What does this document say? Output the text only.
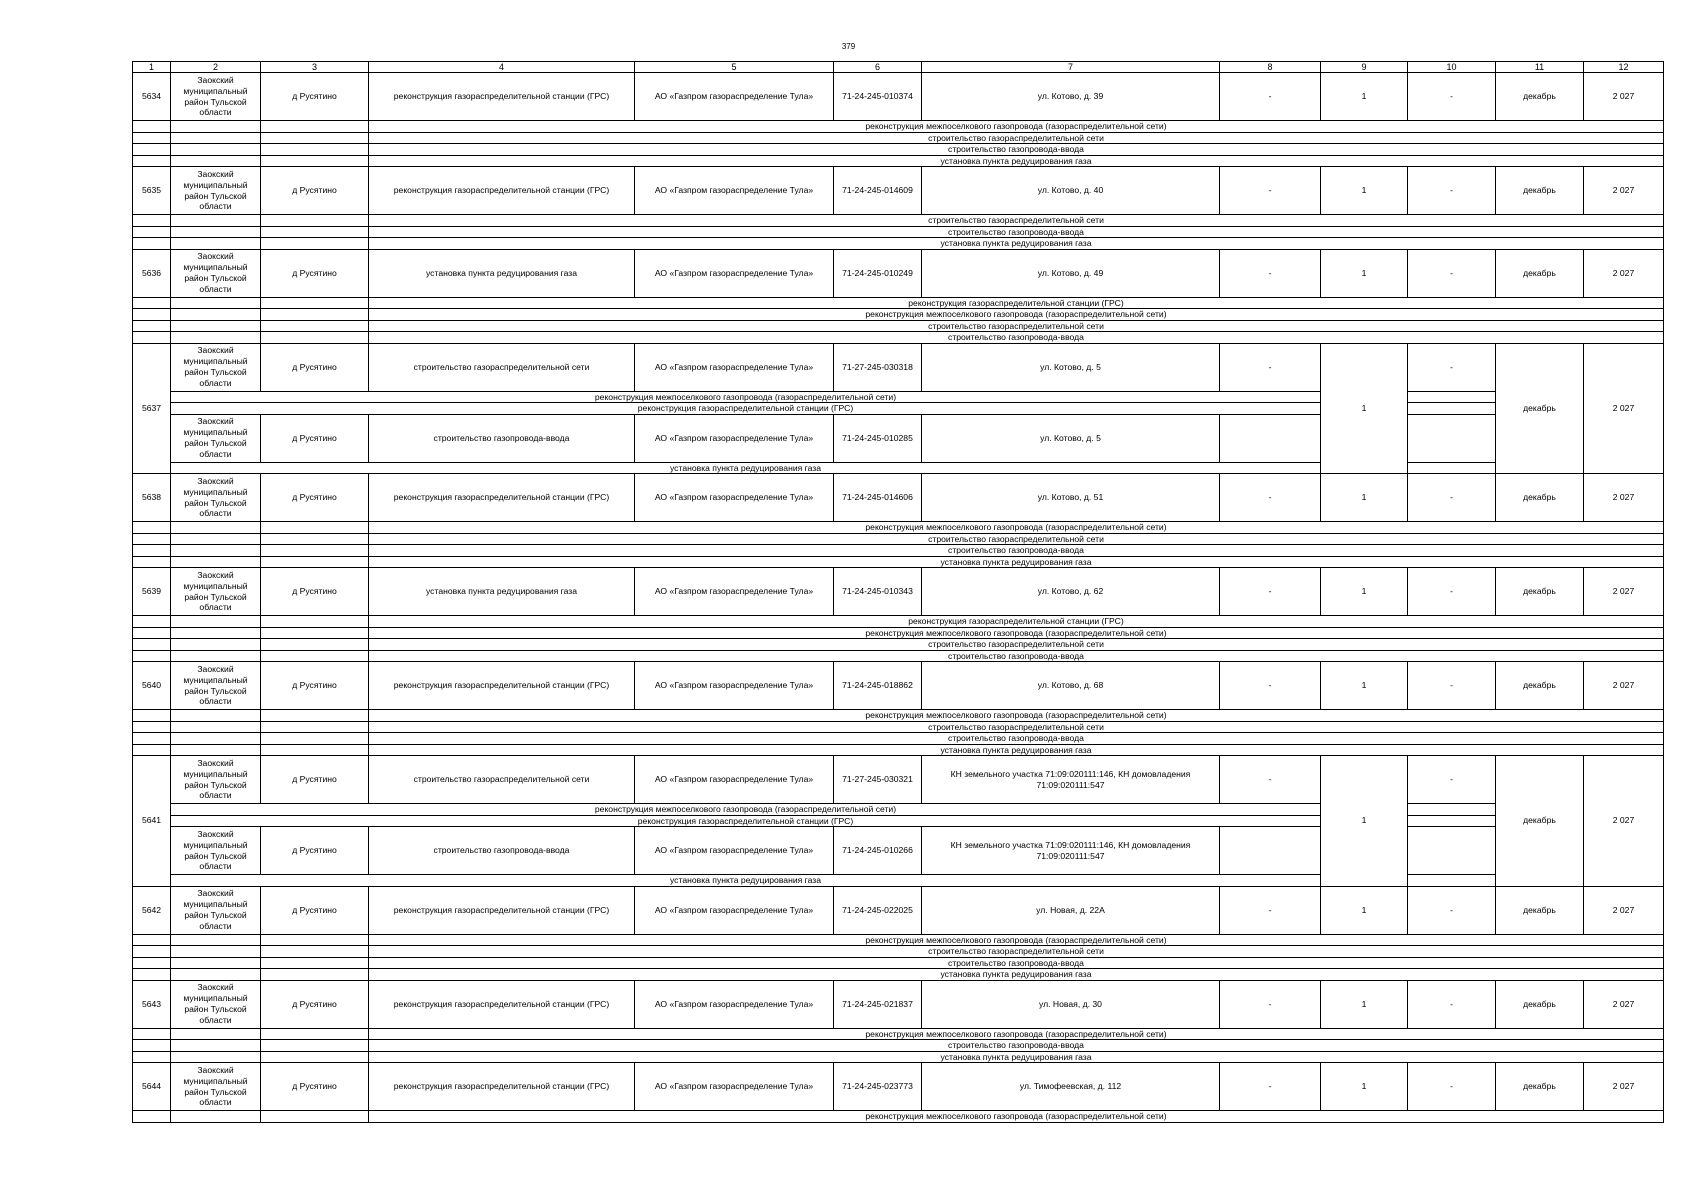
379
1	2	3	4	5	6	7	8	9	10	11	12
5634	Заокский муниципальный район Тульской области	д Русятино	реконструкция газораспределительной станции (ГРС)	АО «Газпром газораспределение Тула»	71-24-245-010374	ул. Котово, д. 39	-	1	-	декабрь	2 027
			реконструкция межпоселкового газопровода (газораспределительной сети)								
			строительство газораспределительной сети								
			строительство газопровода-ввода								
			установка пункта редуцирования газа								
5635	Заокский муниципальный район Тульской области	д Русятино	реконструкция газораспределительной станции (ГРС)	АО «Газпром газораспределение Тула»	71-24-245-014609	ул. Котово, д. 40	-	1	-	декабрь	2 027
			строительство газораспределительной сети								
			строительство газопровода-ввода								
			установка пункта редуцирования газа								
5636	Заокский муниципальный район Тульской области	д Русятино	установка пункта редуцирования газа	АО «Газпром газораспределение Тула»	71-24-245-010249	ул. Котово, д. 49	-	1	-	декабрь	2 027
			реконструкция газораспределительной станции (ГРС)								
			реконструкция межпоселкового газопровода (газораспределительной сети)								
			строительство газораспределительной сети								
			строительство газопровода-ввода								
5637	Заокский муниципальный район Тульской области	д Русятино	строительство газораспределительной сети	АО «Газпром газораспределение Тула»	71-27-245-030318	ул. Котово, д. 5	-	1	-	декабрь	2 027
	реконструкция межпоселкового газопровода (газораспределительной сети)										
	реконструкция газораспределительной станции (ГРС)										
	Заокский муниципальный район Тульской области	д Русятино	строительство газопровода-ввода	АО «Газпром газораспределение Тула»	71-24-245-010285	ул. Котово, д. 5					
	установка пункта редуцирования газа										
5638	Заокский муниципальный район Тульской области	д Русятино	реконструкция газораспределительной станции (ГРС)	АО «Газпром газораспределение Тула»	71-24-245-014606	ул. Котово, д. 51	-	1	-	декабрь	2 027
			реконструкция межпоселкового газопровода (газораспределительной сети)								
			строительство газораспределительной сети								
			строительство газопровода-ввода								
			установка пункта редуцирования газа								
5639	Заокский муниципальный район Тульской области	д Русятино	установка пункта редуцирования газа	АО «Газпром газораспределение Тула»	71-24-245-010343	ул. Котово, д. 62	-	1	-	декабрь	2 027
			реконструкция газораспределительной станции (ГРС)								
			реконструкция межпоселкового газопровода (газораспределительной сети)								
			строительство газораспределительной сети								
			строительство газопровода-ввода								
5640	Заокский муниципальный район Тульской области	д Русятино	реконструкция газораспределительной станции (ГРС)	АО «Газпром газораспределение Тула»	71-24-245-018862	ул. Котово, д. 68	-	1	-	декабрь	2 027
			реконструкция межпоселкового газопровода (газораспределительной сети)								
			строительство газораспределительной сети								
			строительство газопровода-ввода								
			установка пункта редуцирования газа								
5641	Заокский муниципальный район Тульской области	д Русятино	строительство газораспределительной сети	АО «Газпром газораспределение Тула»	71-27-245-030321	КН земельного участка 71:09:020111:146, КН домовладения 71:09:020111:547	-	1	-	декабрь	2 027
	реконструкция межпоселкового газопровода (газораспределительной сети)										
	реконструкция газораспределительной станции (ГРС)										
	Заокский муниципальный район Тульской области	д Русятино	строительство газопровода-ввода	АО «Газпром газораспределение Тула»	71-24-245-010266	КН земельного участка 71:09:020111:146, КН домовладения 71:09:020111:547					
	установка пункта редуцирования газа										
5642	Заокский муниципальный район Тульской области	д Русятино	реконструкция газораспределительной станции (ГРС)	АО «Газпром газораспределение Тула»	71-24-245-022025	ул. Новая, д. 22А	-	1	-	декабрь	2 027
			реконструкция межпоселкового газопровода (газораспределительной сети)								
			строительство газораспределительной сети								
			строительство газопровода-ввода								
			установка пункта редуцирования газа								
5643	Заокский муниципальный район Тульской области	д Русятино	реконструкция газораспределительной станции (ГРС)	АО «Газпром газораспределение Тула»	71-24-245-021837	ул. Новая, д. 30	-	1	-	декабрь	2 027
			реконструкция межпоселкового газопровода (газораспределительной сети)								
			строительство газопровода-ввода								
			установка пункта редуцирования газа								
5644	Заокский муниципальный район Тульской области	д Русятино	реконструкция газораспределительной станции (ГРС)	АО «Газпром газораспределение Тула»	71-24-245-023773	ул. Тимофеевская, д. 112	-	1	-	декабрь	2 027
			реконструкция межпоселкового газопровода (газораспределительной сети)								
